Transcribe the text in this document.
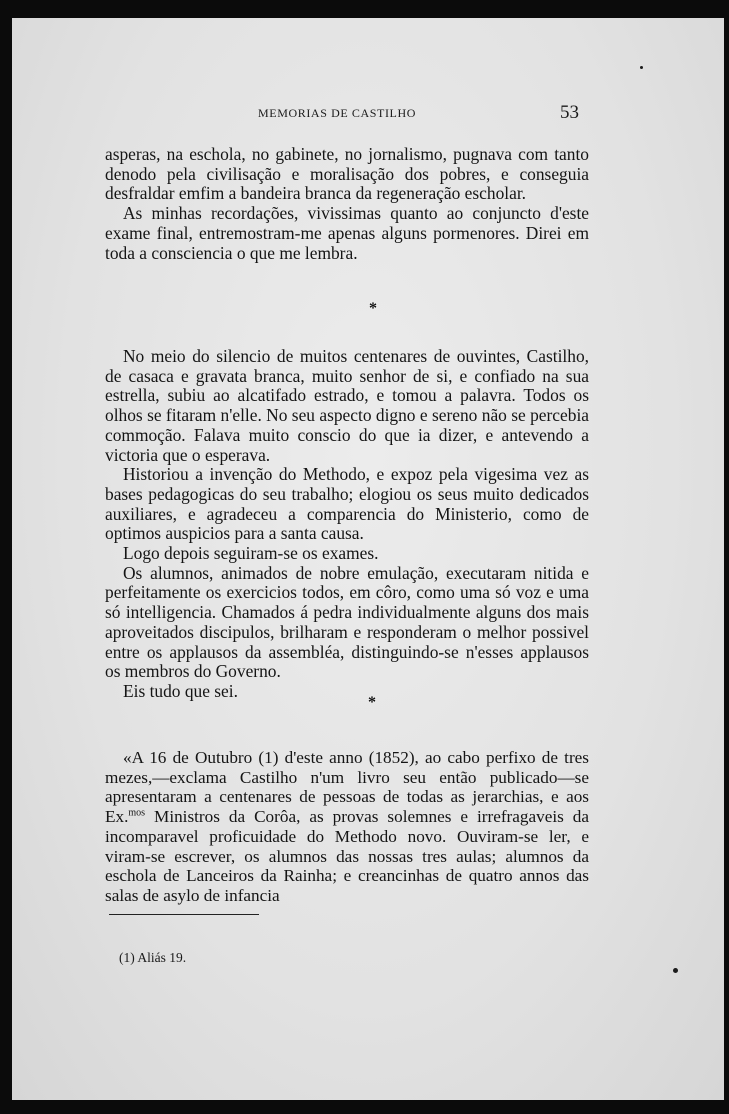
MEMORIAS DE CASTILHO	53

asperas, na eschola, no gabinete, no jornalismo, pugnava com tanto denodo pela civilisação e moralisação dos pobres, e conseguia desfraldar emfim a bandeira branca da regeneração escholar.

As minhas recordações, vivissimas quanto ao conjuncto d'este exame final, entremostram-me apenas alguns pormenores. Direi em toda a consciencia o que me lembra.

*

No meio do silencio de muitos centenares de ouvintes, Castilho, de casaca e gravata branca, muito senhor de si, e confiado na sua estrella, subiu ao alcatifado estrado, e tomou a palavra. Todos os olhos se fitaram n'elle. No seu aspecto digno e sereno não se percebia commoção. Falava muito conscio do que ia dizer, e antevendo a victoria que o esperava.

Historiou a invenção do Methodo, e expoz pela vigesima vez as bases pedagogicas do seu trabalho; elogiou os seus muito dedicados auxiliares, e agradeceu a comparencia do Ministerio, como de optimos auspicios para a santa causa.

Logo depois seguiram-se os exames.

Os alumnos, animados de nobre emulação, executaram nitida e perfeitamente os exercicios todos, em côro, como uma só voz e uma só intelligencia. Chamados á pedra individualmente alguns dos mais aproveitados discipulos, brilharam e responderam o melhor possivel entre os applausos da assembléa, distinguindo-se n'esses applausos os membros do Governo.

Eis tudo que sei.

*

«A 16 de Outubro (1) d'este anno (1852), ao cabo perfixo de tres mezes,—exclama Castilho n'um livro seu então publicado—se apresentaram a centenares de pessoas de todas as jerarchias, e aos Ex.$^{mos}$ Ministros da Corôa, as provas solemnes e irrefragaveis da incomparavel proficuidade do Methodo novo. Ouviram-se ler, e viram-se escrever, os alumnos das nossas tres aulas; alumnos da eschola de Lanceiros da Rainha; e creancinhas de quatro annos das salas de asylo de infancia

(1) Aliás 19.
